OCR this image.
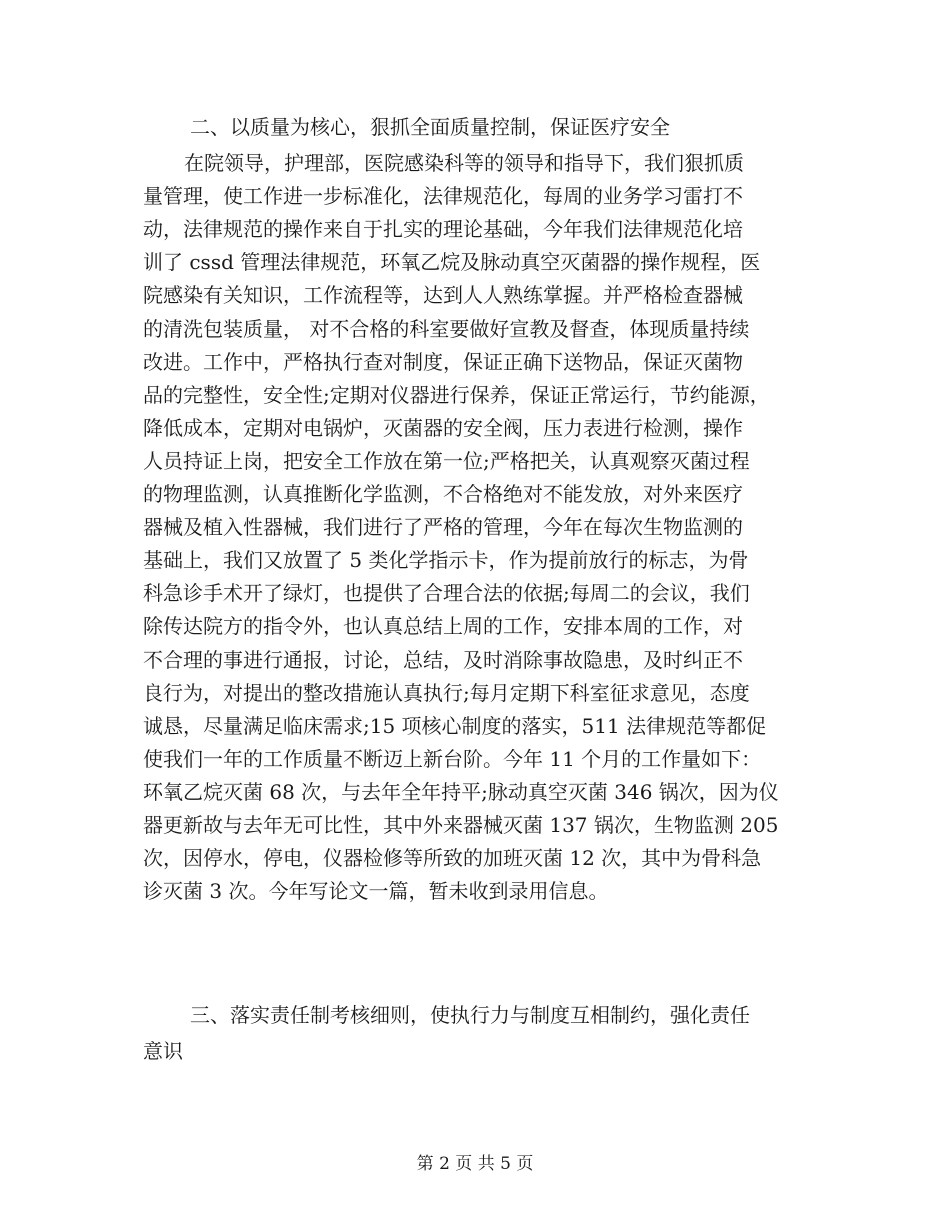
二、以质量为核心，狠抓全面质量控制，保证医疗安全
在院领导，护理部，医院感染科等的领导和指导下，我们狠抓质
量管理，使工作进一步标准化，法律规范化，每周的业务学习雷打不
动，法律规范的操作来自于扎实的理论基础，今年我们法律规范化培
训了 cssd 管理法律规范，环氧乙烷及脉动真空灭菌器的操作规程，医
院感染有关知识，工作流程等，达到人人熟练掌握。并严格检查器械
的清洗包装质量， 对不合格的科室要做好宣教及督查，体现质量持续
改进。工作中，严格执行查对制度，保证正确下送物品，保证灭菌物
品的完整性，安全性;定期对仪器进行保养，保证正常运行，节约能源，
降低成本，定期对电锅炉，灭菌器的安全阀，压力表进行检测，操作
人员持证上岗，把安全工作放在第一位;严格把关，认真观察灭菌过程
的物理监测，认真推断化学监测，不合格绝对不能发放，对外来医疗
器械及植入性器械，我们进行了严格的管理，今年在每次生物监测的
基础上，我们又放置了 5 类化学指示卡，作为提前放行的标志，为骨
科急诊手术开了绿灯，也提供了合理合法的依据;每周二的会议，我们
除传达院方的指令外，也认真总结上周的工作，安排本周的工作，对
不合理的事进行通报，讨论，总结，及时消除事故隐患，及时纠正不
良行为，对提出的整改措施认真执行;每月定期下科室征求意见，态度
诚恳，尽量满足临床需求;15 项核心制度的落实，511 法律规范等都促
使我们一年的工作质量不断迈上新台阶。今年 11 个月的工作量如下：
环氧乙烷灭菌 68 次，与去年全年持平;脉动真空灭菌 346 锅次，因为仪
器更新故与去年无可比性，其中外来器械灭菌 137 锅次，生物监测 205
次，因停水，停电，仪器检修等所致的加班灭菌 12 次，其中为骨科急
诊灭菌 3 次。今年写论文一篇，暂未收到录用信息。
三、落实责任制考核细则，使执行力与制度互相制约，强化责任
意识
第 2 页 共 5 页
